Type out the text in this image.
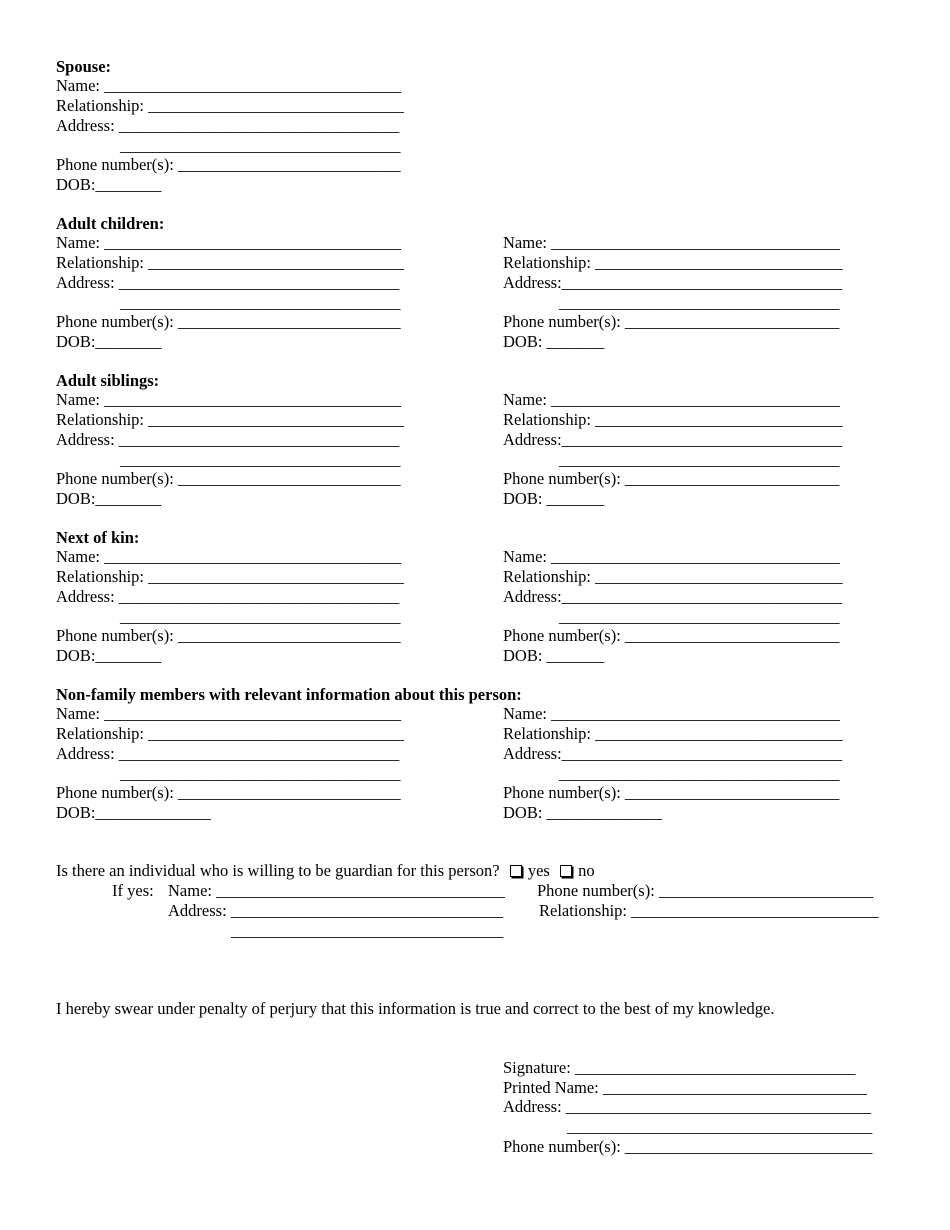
Spouse:
Name: ____________________________________
Relationship: _______________________________
Address: __________________________________
__________________________________
Phone number(s): ___________________________
DOB:________
Adult children:
Name: ____________________________________
Relationship: _______________________________
Address: __________________________________
__________________________________
Phone number(s): ___________________________
DOB:________
Name: ___________________________________
Relationship: ______________________________
Address:__________________________________
__________________________________
Phone number(s): __________________________
DOB: _______
Adult siblings:
Name: ____________________________________
Relationship: _______________________________
Address: __________________________________
__________________________________
Phone number(s): ___________________________
DOB:________
Name: ___________________________________
Relationship: ______________________________
Address:__________________________________
__________________________________
Phone number(s): __________________________
DOB: _______
Next of kin:
Name: ____________________________________
Relationship: _______________________________
Address: __________________________________
__________________________________
Phone number(s): ___________________________
DOB:________
Name: ___________________________________
Relationship: ______________________________
Address:__________________________________
__________________________________
Phone number(s): __________________________
DOB: _______
Non-family members with relevant information about this person:
Name: ____________________________________
Relationship: _______________________________
Address: __________________________________
__________________________________
Phone number(s): ___________________________
DOB:______________
Name: ___________________________________
Relationship: ______________________________
Address:__________________________________
__________________________________
Phone number(s): __________________________
DOB: ______________
Is there an individual who is willing to be guardian for this person? yes no
If yes: Name: ___________________________________
Address: _________________________________
_________________________________
Phone number(s): __________________________
Relationship: ______________________________
I hereby swear under penalty of perjury that this information is true and correct to the best of my knowledge.
Signature: __________________________________
Printed Name: ________________________________
Address: _____________________________________
_____________________________________
Phone number(s): ______________________________
